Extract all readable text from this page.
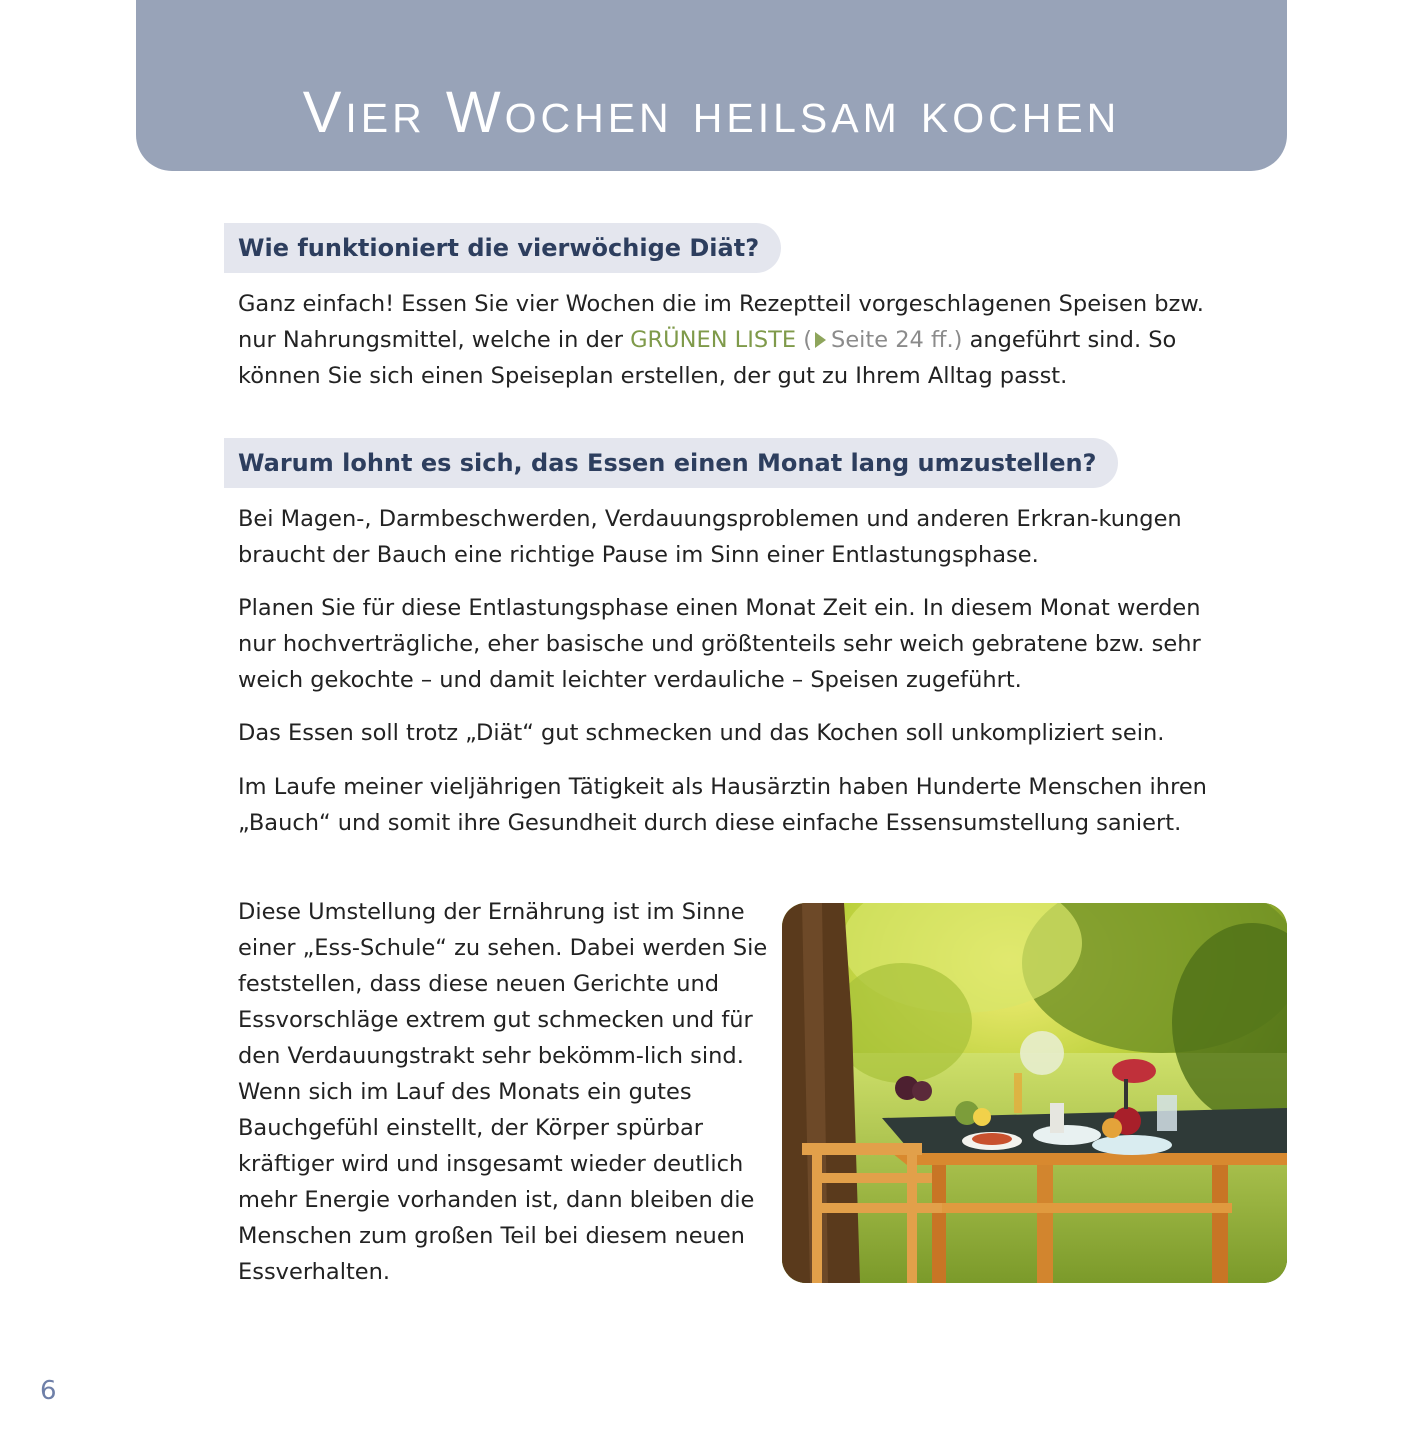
Vier Wochen heilsam kochen
Wie funktioniert die vierwöchige Diät?

Ganz einfach! Essen Sie vier Wochen die im Rezeptteil vorgeschlagenen Speisen bzw. nur Nahrungsmittel, welche in der GRÜNEN LISTE ( Seite 24 ff.) angeführt sind. So können Sie sich einen Speiseplan erstellen, der gut zu Ihrem Alltag passt.

Warum lohnt es sich, das Essen einen Monat lang umzustellen?

Bei Magen-, Darmbeschwerden, Verdauungsproblemen und anderen Erkran-kungen braucht der Bauch eine richtige Pause im Sinn einer Entlastungsphase.

Planen Sie für diese Entlastungsphase einen Monat Zeit ein. In diesem Monat werden nur hochverträgliche, eher basische und größtenteils sehr weich gebratene bzw. sehr weich gekochte – und damit leichter verdauliche – Speisen zugeführt.

Das Essen soll trotz „Diät“ gut schmecken und das Kochen soll unkompliziert sein.

Im Laufe meiner vieljährigen Tätigkeit als Hausärztin haben Hunderte Menschen ihren „Bauch“ und somit ihre Gesundheit durch diese einfache Essensumstellung saniert.

Diese Umstellung der Ernährung ist im Sinne einer „Ess-Schule“ zu sehen. Dabei werden Sie feststellen, dass diese neuen Gerichte und Essvorschläge extrem gut schmecken und für den Verdauungstrakt sehr bekömm-lich sind. Wenn sich im Lauf des Monats ein gutes Bauchgefühl einstellt, der Körper spürbar kräftiger wird und insgesamt wieder deutlich mehr Energie vorhanden ist, dann bleiben die Menschen zum großen Teil bei diesem neuen Essverhalten.

6
